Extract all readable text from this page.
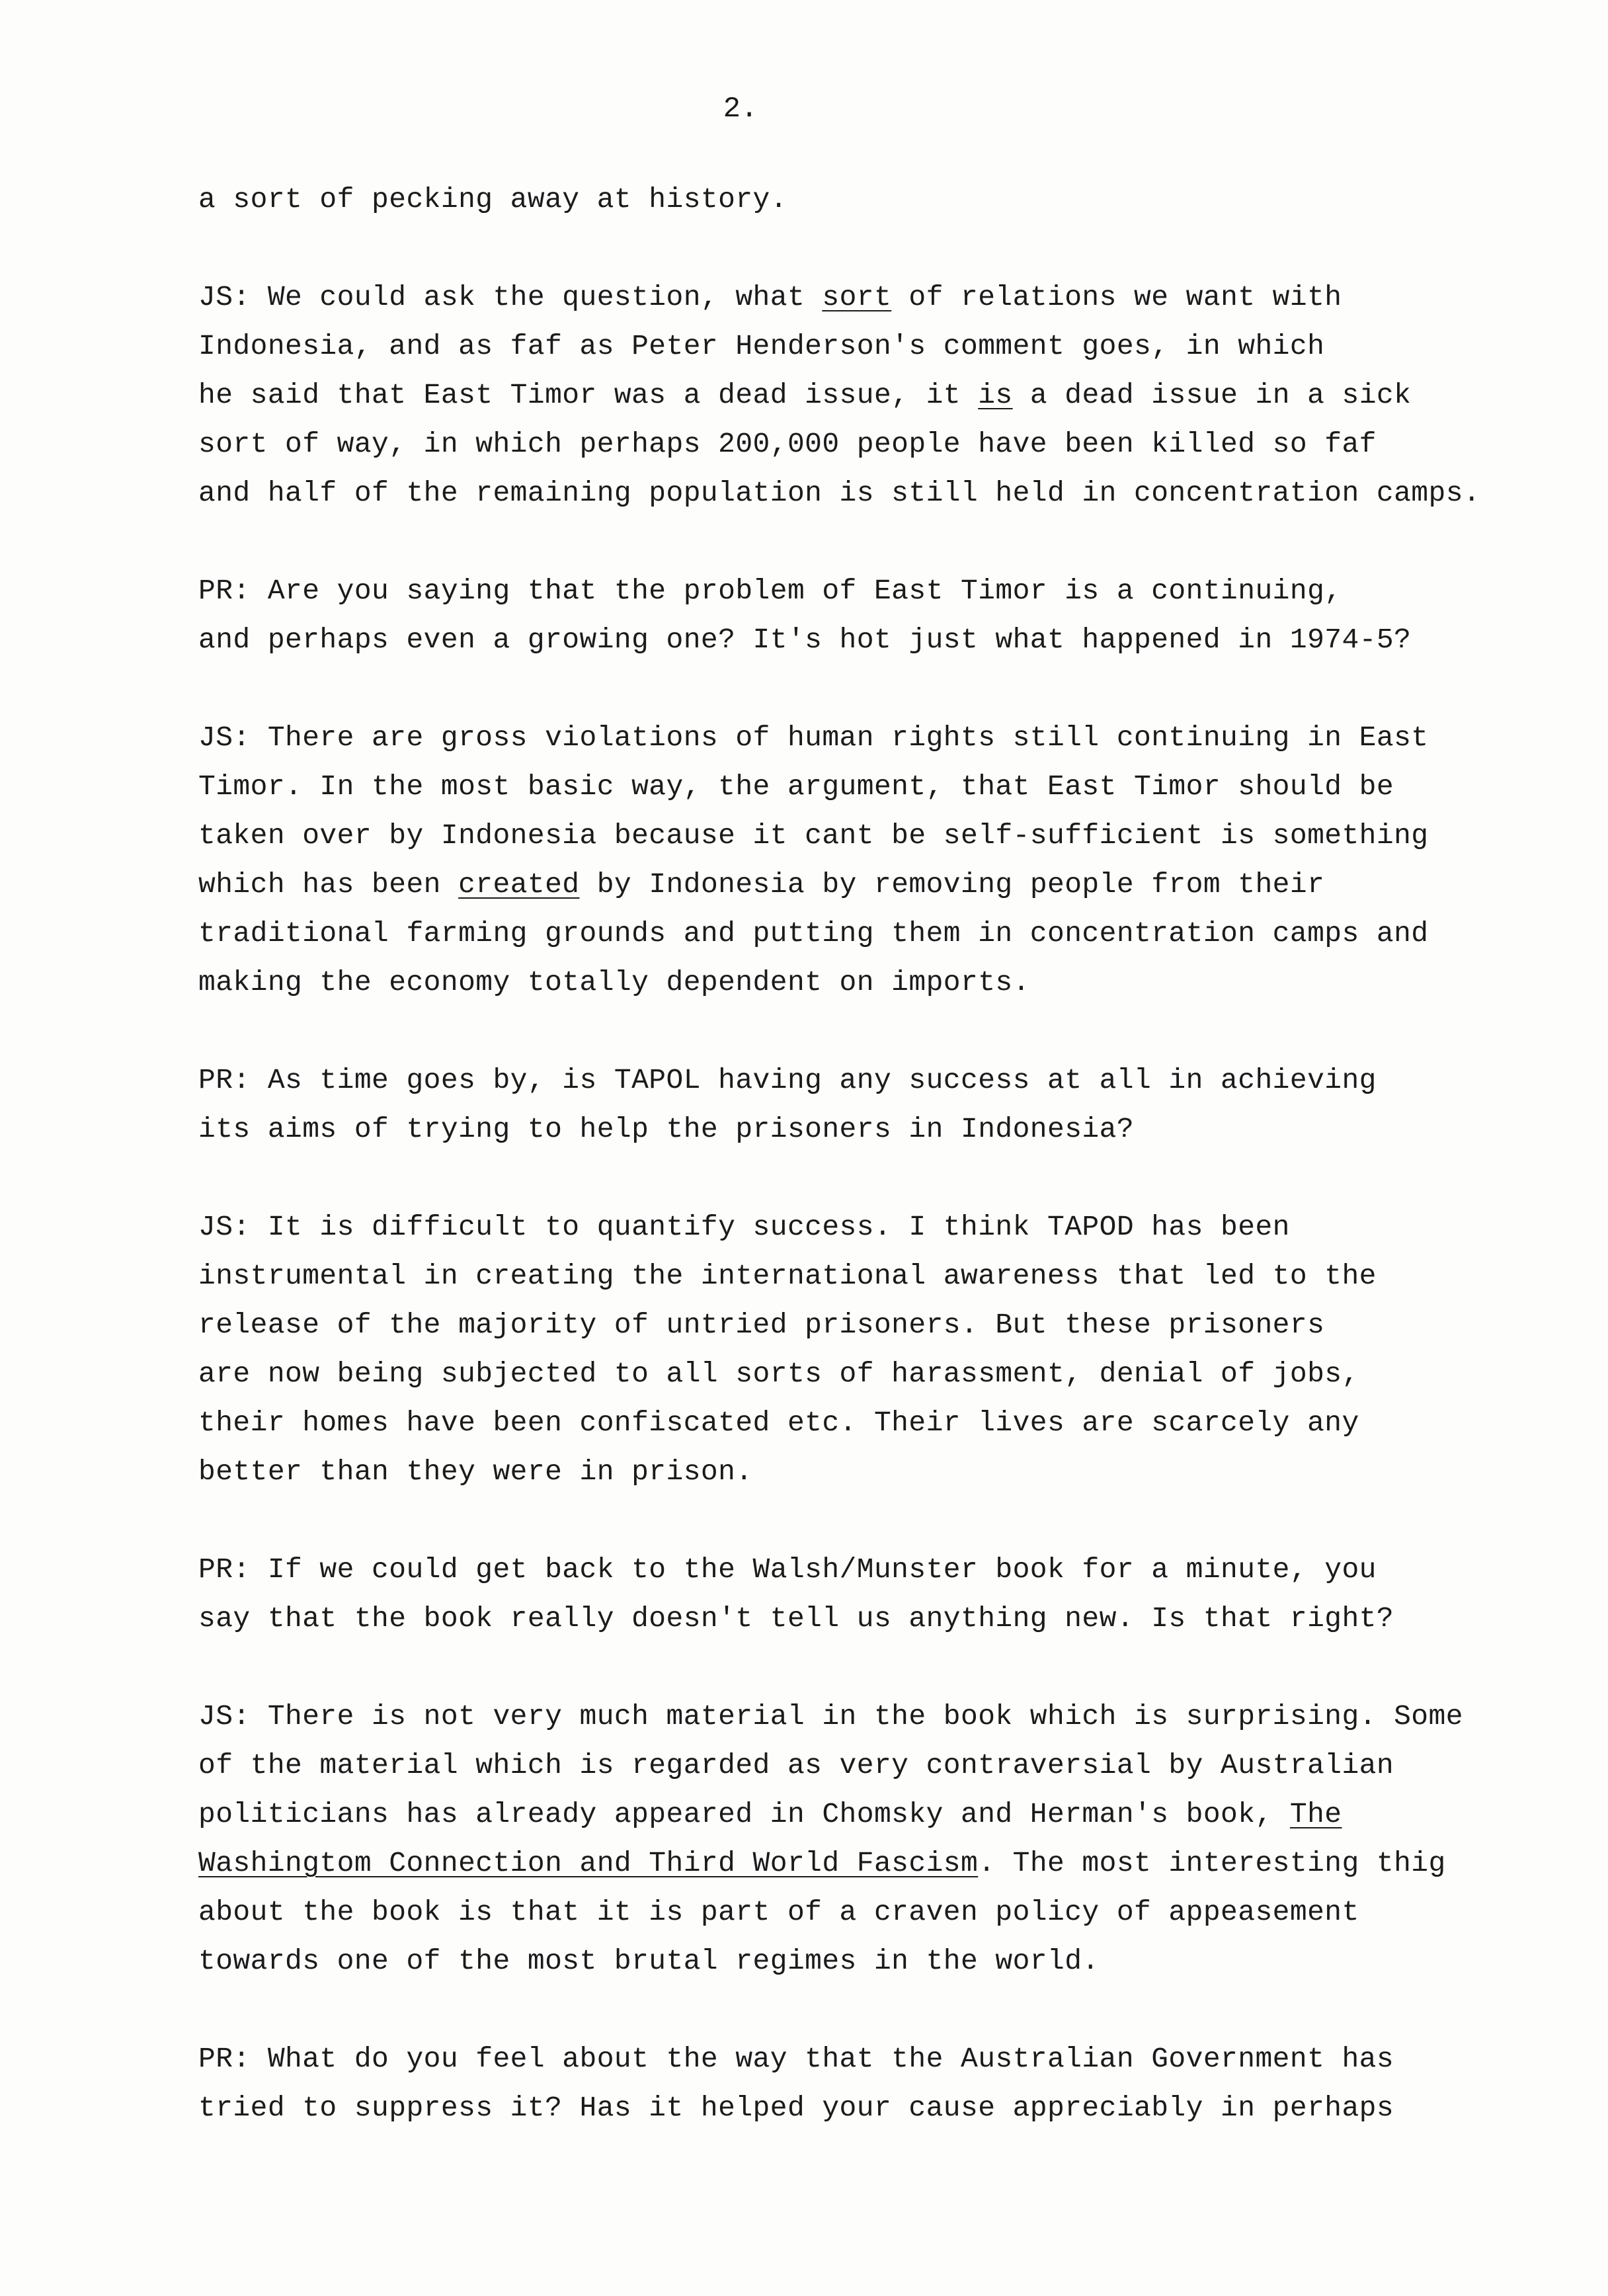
2.
a sort of pecking away at history.
JS: We could ask the question, what sort of relations we want with
Indonesia, and as faf as Peter Henderson's comment goes, in which
he said that East Timor was a dead issue, it is a dead issue in a sick
sort of way, in which perhaps 200,000 people have been killed so faf
and half of the remaining population is still held in concentration camps.
PR: Are you saying that the problem of East Timor is a continuing,
and perhaps even a growing one? It's hot just what happened in 1974-5?
JS: There are gross violations of human rights still continuing in East
Timor. In the most basic way, the argument, that East Timor should be
taken over by Indonesia because it cant be self-sufficient is something
which has been created by Indonesia by removing people from their
traditional farming grounds and putting them in concentration camps and
making the economy totally dependent on imports.
PR: As time goes by, is TAPOL having any success at all in achieving
its aims of trying to help the prisoners in Indonesia?
JS: It is difficult to quantify success. I think TAPOD has been
instrumental in creating the international awareness that led to the
release of the majority of untried prisoners. But these prisoners
are now being subjected to all sorts of harassment, denial of jobs,
their homes have been confiscated etc. Their lives are scarcely any
better than they were in prison.
PR: If we could get back to the Walsh/Munster book for a minute, you
say that the book really doesn't tell us anything new. Is that right?
JS: There is not very much material in the book which is surprising. Some
of the material which is regarded as very contraversial by Australian
politicians has already appeared in Chomsky and Herman's book, The
Washingtom Connection and Third World Fascism. The most interesting thig
about the book is that it is part of a craven policy of appeasement
towards one of the most brutal regimes in the world.
PR: What do you feel about the way that the Australian Government has
tried to suppress it? Has it helped your cause appreciably in perhaps
